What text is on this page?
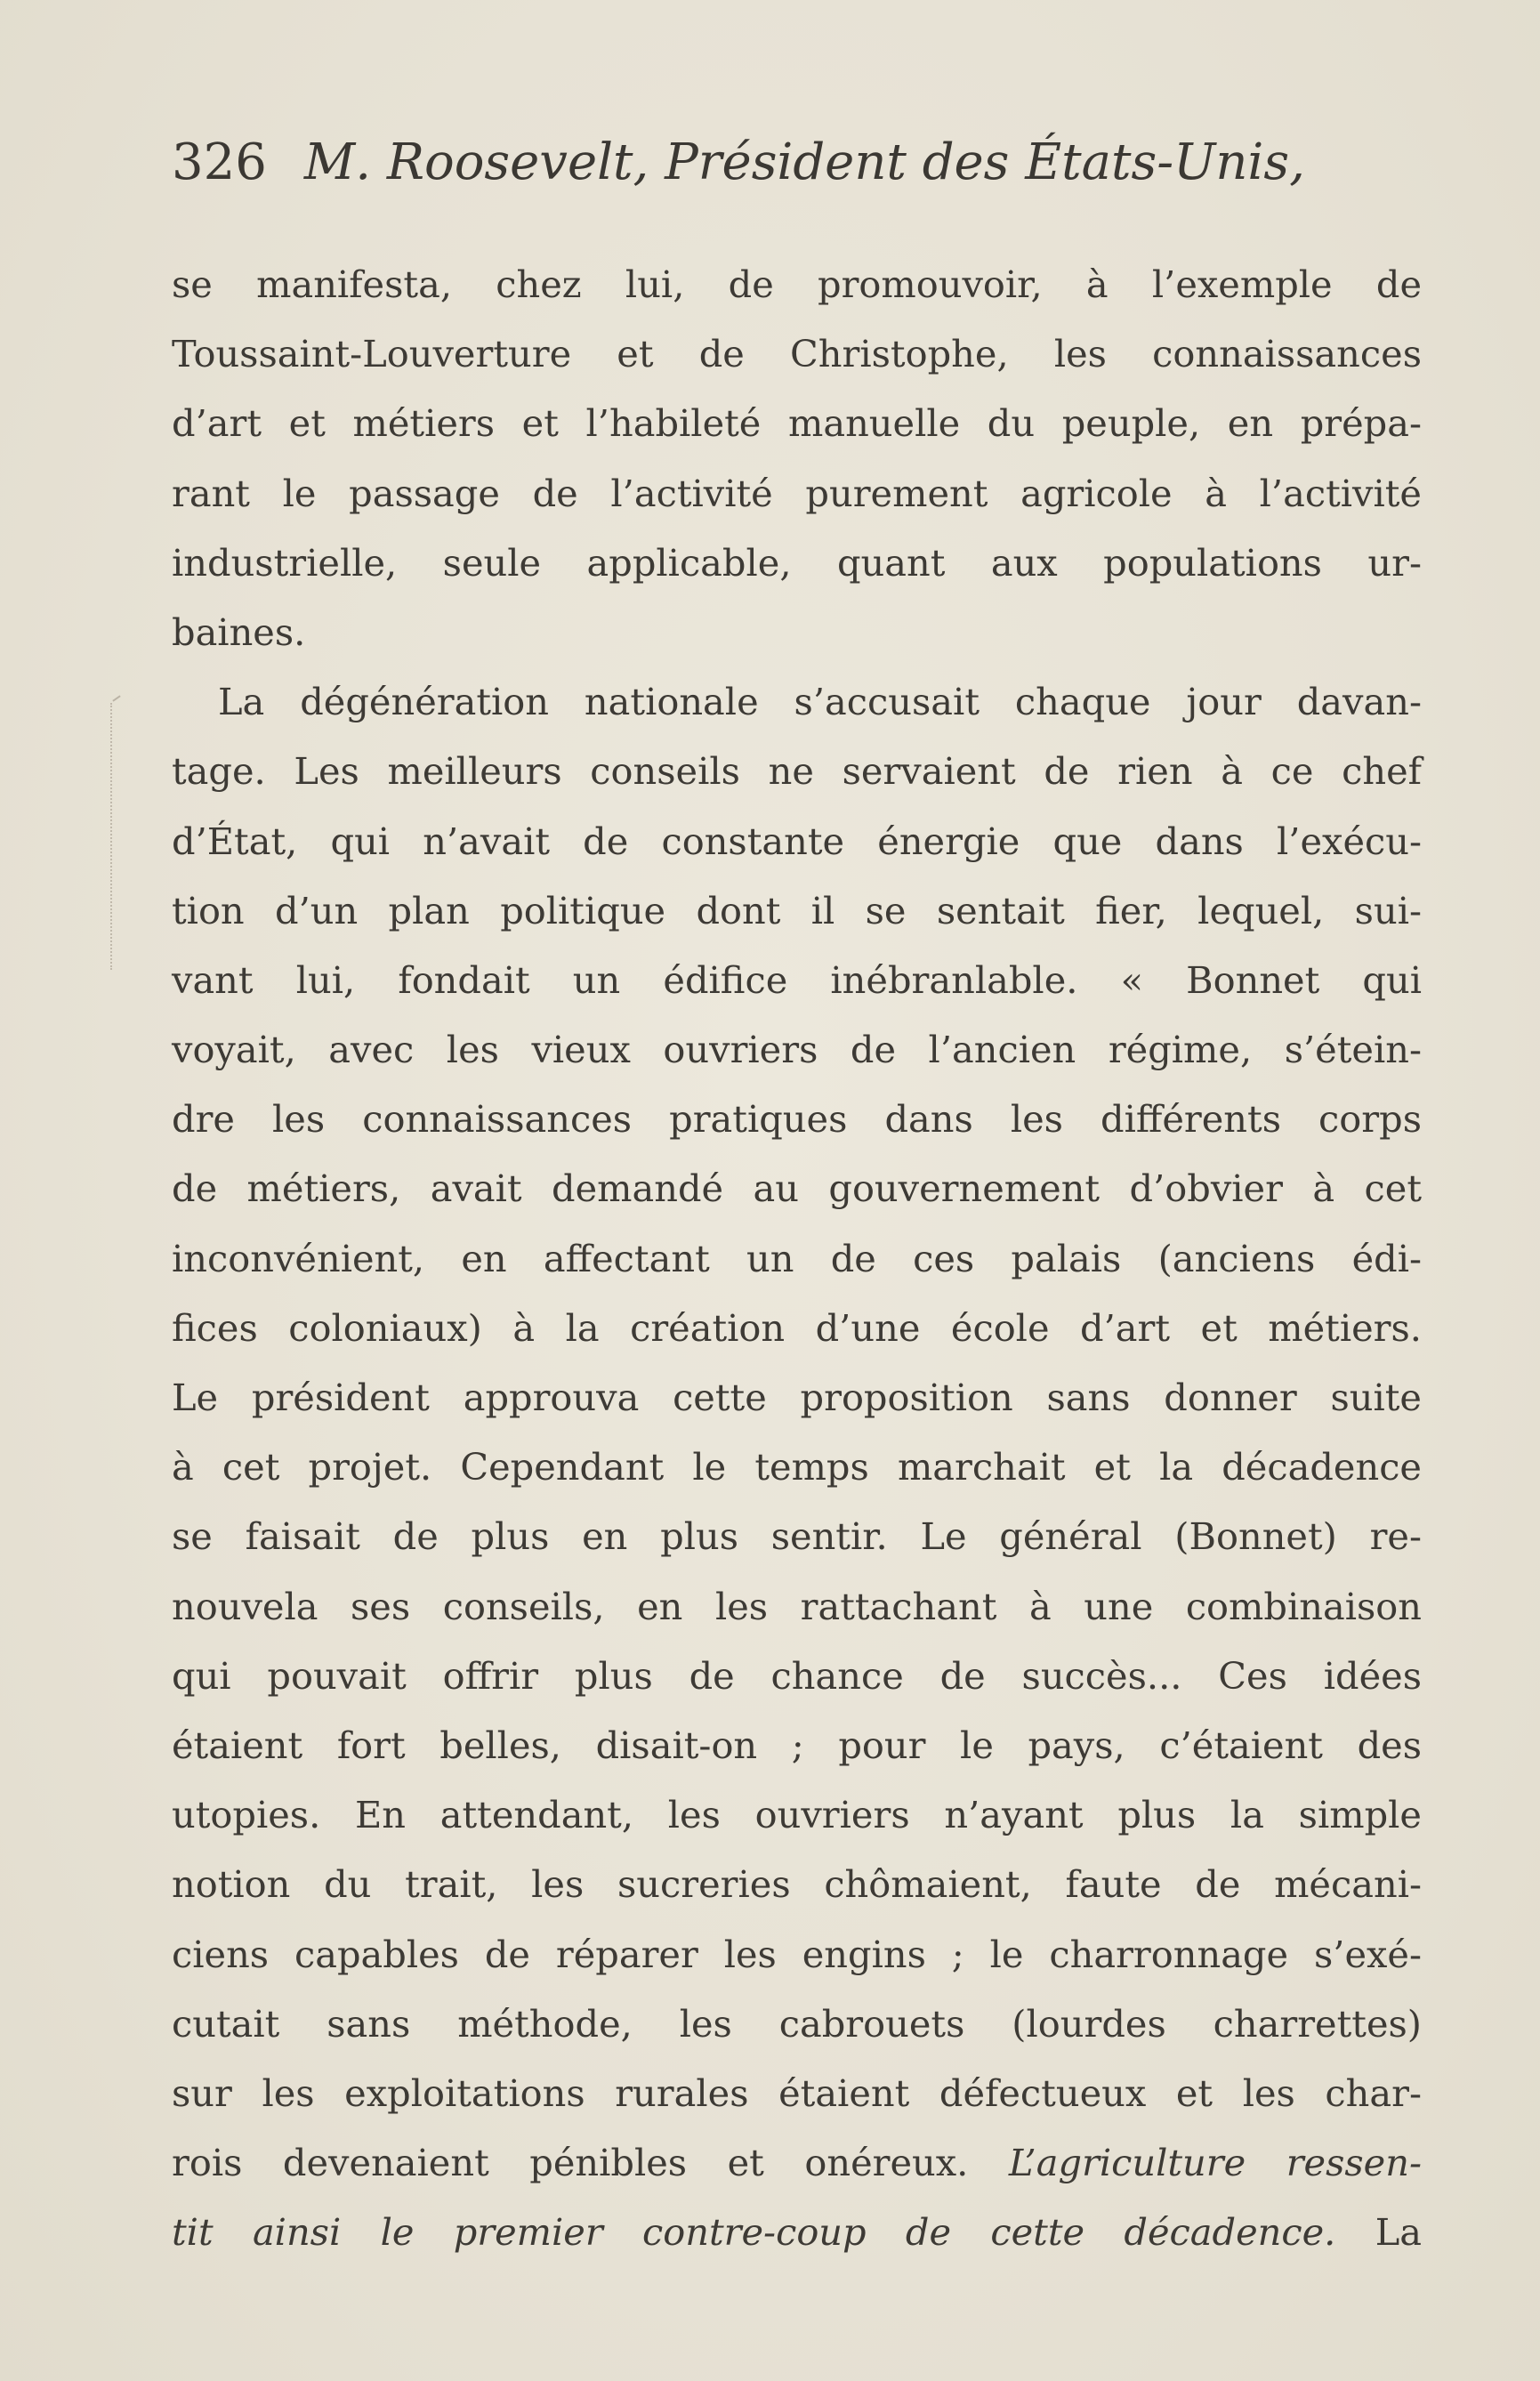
326 M. Roosevelt, Président des États-Unis,
se manifesta, chez lui, de promouvoir, à l’exemple de
Toussaint-Louverture et de Christophe, les connaissances
d’art et métiers et l’habileté manuelle du peuple, en prépa-
rant le passage de l’activité purement agricole à l’activité
industrielle, seule applicable, quant aux populations ur-
baines.
La dégénération nationale s’accusait chaque jour davan-
tage. Les meilleurs conseils ne servaient de rien à ce chef
d’État, qui n’avait de constante énergie que dans l’exécu-
tion d’un plan politique dont il se sentait fier, lequel, sui-
vant lui, fondait un édifice inébranlable. « Bonnet qui
voyait, avec les vieux ouvriers de l’ancien régime, s’étein-
dre les connaissances pratiques dans les différents corps
de métiers, avait demandé au gouvernement d’obvier à cet
inconvénient, en affectant un de ces palais (anciens édi-
fices coloniaux) à la création d’une école d’art et métiers.
Le président approuva cette proposition sans donner suite
à cet projet. Cependant le temps marchait et la décadence
se faisait de plus en plus sentir. Le général (Bonnet) re-
nouvela ses conseils, en les rattachant à une combinaison
qui pouvait offrir plus de chance de succès... Ces idées
étaient fort belles, disait-on ; pour le pays, c’étaient des
utopies. En attendant, les ouvriers n’ayant plus la simple
notion du trait, les sucreries chômaient, faute de mécani-
ciens capables de réparer les engins ; le charronnage s’exé-
cutait sans méthode, les cabrouets (lourdes charrettes)
sur les exploitations rurales étaient défectueux et les char-
rois devenaient pénibles et onéreux. L’agriculture ressen-
tit ainsi le premier contre-coup de cette décadence. La
